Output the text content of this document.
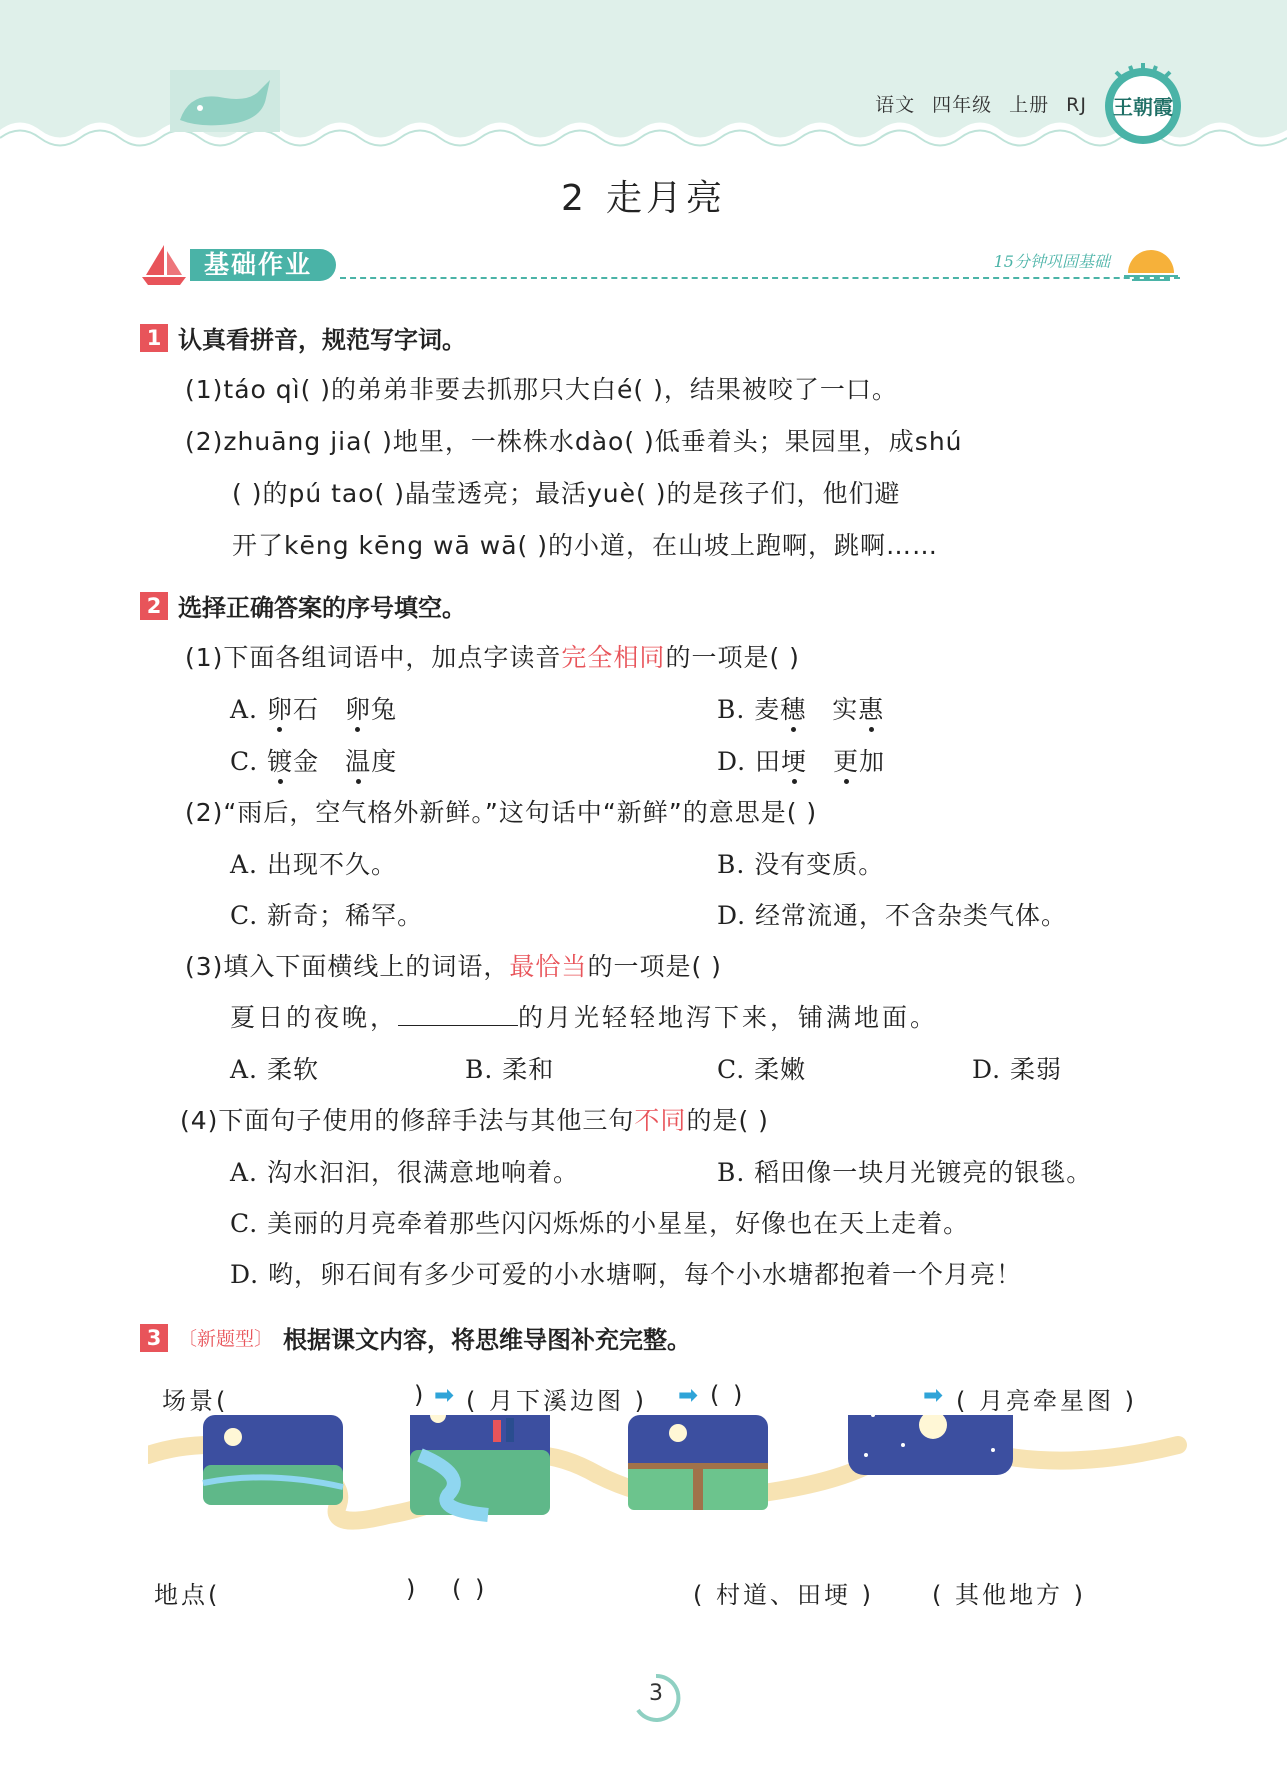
语文 四年级 上册 RJ 王朝霞
2 走月亮
基础作业	15分钟巩固基础
1 认真看拼音，规范写字词。
(1)táo qì( )的弟弟非要去抓那只大白é( )，结果被咬了一口。
(2)zhuāng jia( )地里，一株株水dào( )低垂着头；果园里，成shú
( )的pú tao( )晶莹透亮；最活yuè( )的是孩子们，他们避
开了kēng kēng wā wā( )的小道，在山坡上跑啊，跳啊……
2 选择正确答案的序号填空。
(1)下面各组词语中，加点字读音完全相同的一项是( )
A. 卵石　卵兔	B. 麦穗　实惠
C. 镀金　温度	D. 田埂　 更加
(2)“雨后，空气格外新鲜。”这句话中“新鲜”的意思是( )
A. 出现不久。	B. 没有变质。
C. 新奇；稀罕。	D. 经常流通，不含杂类气体。
(3)填入下面横线上的词语，最恰当的一项是( )
夏日的夜晚，	的月光轻轻地泻下来，铺满地面。
A. 柔软	B. 柔和	C. 柔嫩	D. 柔弱
(4)下面句子使用的修辞手法与其他三句不同的是( )
A. 沟水汩汩，很满意地响着。	B. 稻田像一块月光镀亮的银毯。
C. 美丽的月亮牵着那些闪闪烁烁的小星星，好像也在天上走着。
D. 哟，卵石间有多少可爱的小水塘啊，每个小水塘都抱着一个月亮！
3 〔新题型〕 根据课文内容，将思维导图补充完整。
场景(	) ➡ ( 月下溪边图 ) ➡ ( )	➡ ( 月亮牵星图 )
地点(	) ( )	( 村道、田埂 ) ( 其他地方 )
3
